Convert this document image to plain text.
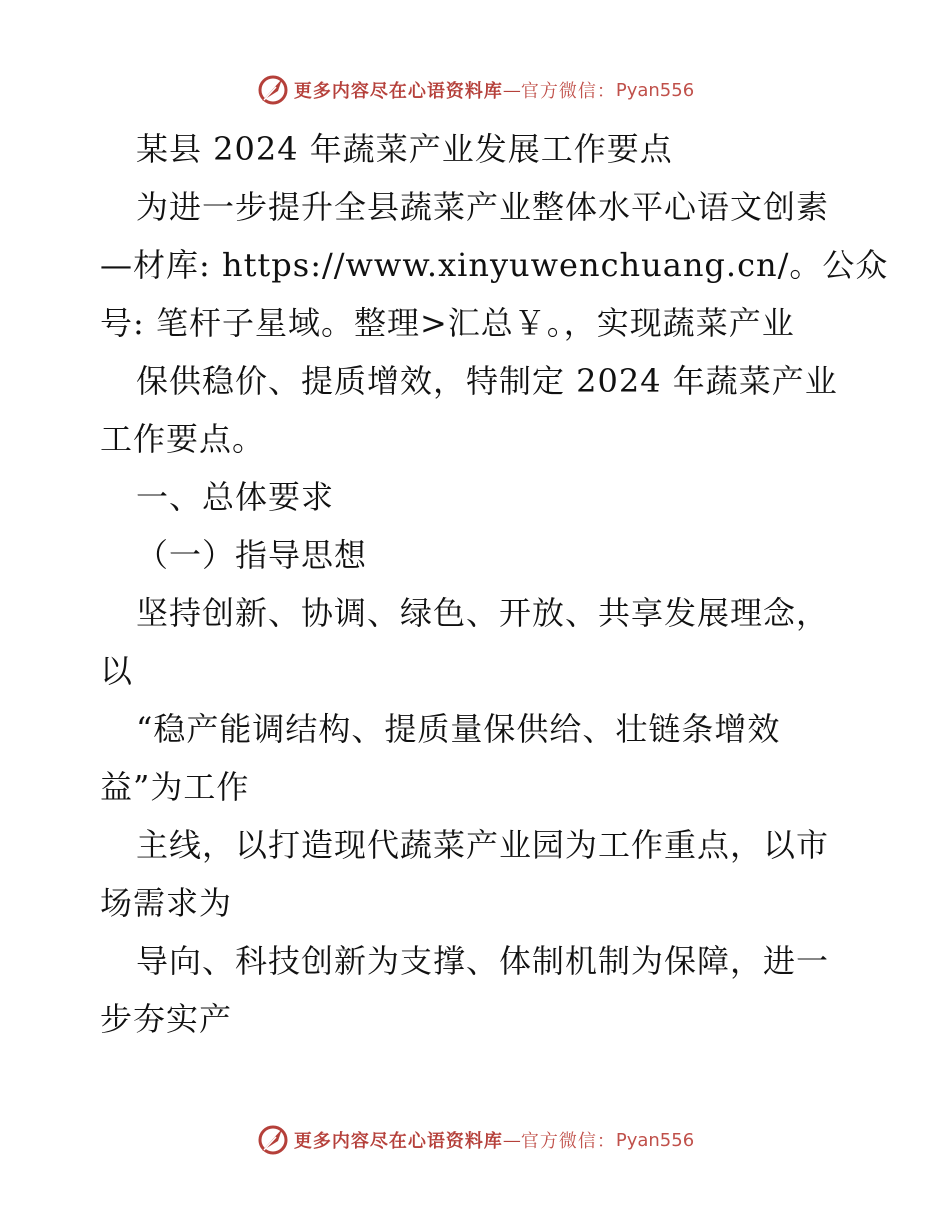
更多内容尽在心语资料库 — 官方微信： Pyan556
某县 2024 年蔬菜产业发展工作要点
为进一步提升全县蔬菜产业整体水平心语文创素
—材库: https://www.xinyuwenchuang.cn/。公众
号: 笔杆子星域。整理>汇总￥。，实现蔬菜产业
保供稳价、提质增效，特制定 2024 年蔬菜产业
工作要点。
一、总体要求
（一）指导思想
坚持创新、协调、绿色、开放、共享发展理念，
以
“稳产能调结构、提质量保供给、壮链条增效
益”为工作
主线，以打造现代蔬菜产业园为工作重点，以市
场需求为
导向、科技创新为支撑、体制机制为保障，进一
步夯实产
更多内容尽在心语资料库 — 官方微信： Pyan556
